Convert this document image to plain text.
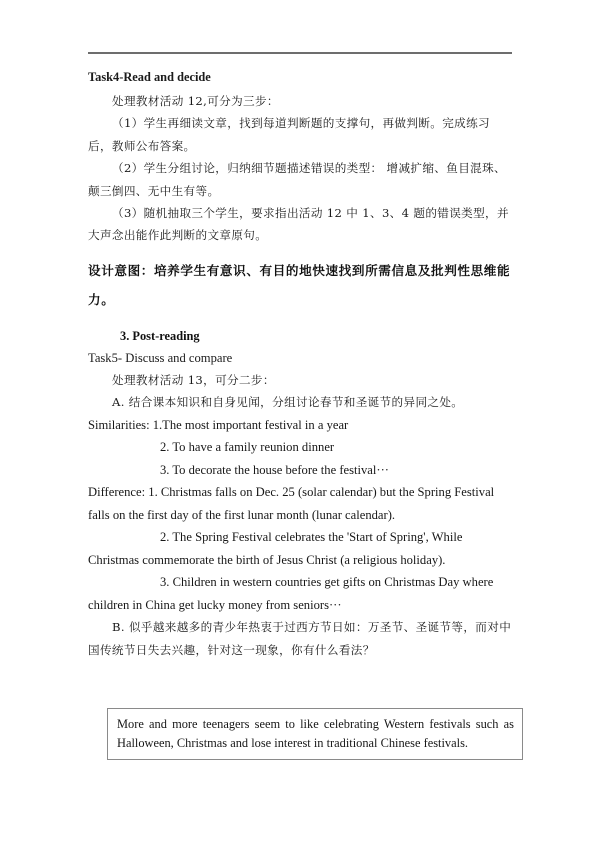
Task4-Read and decide
处理教材活动 12,可分为三步：
（1）学生再细读文章，找到每道判断题的支撑句，再做判断。完成练习后，教师公布答案。
（2）学生分组讨论，归纳细节题描述错误的类型： 增减扩缩、鱼目混珠、颠三倒四、无中生有等。
（3）随机抽取三个学生，要求指出活动 12 中 1、3、4 题的错误类型，并大声念出能作此判断的文章原句。
设计意图：培养学生有意识、有目的地快速找到所需信息及批判性思维能力。
3. Post-reading
Task5- Discuss and compare
处理教材活动 13，可分二步：
A. 结合课本知识和自身见闻，分组讨论春节和圣诞节的异同之处。
Similarities: 1.The most important festival in a year
2. To have a family reunion dinner
3. To decorate the house before the festival···
Difference: 1. Christmas falls on Dec. 25 (solar calendar) but the Spring Festival falls on the first day of the first lunar month (lunar calendar).
2. The Spring Festival celebrates the 'Start of Spring', While Christmas commemorate the birth of Jesus Christ (a religious holiday).
3. Children in western countries get gifts on Christmas Day where children in China get lucky money from seniors···
B. 似乎越来越多的青少年热衷于过西方节日如：万圣节、圣诞节等，而对中国传统节日失去兴趣，针对这一现象，你有什么看法？

More and more teenagers seem to like celebrating Western festivals such as Halloween, Christmas and lose interest in traditional Chinese festivals.
